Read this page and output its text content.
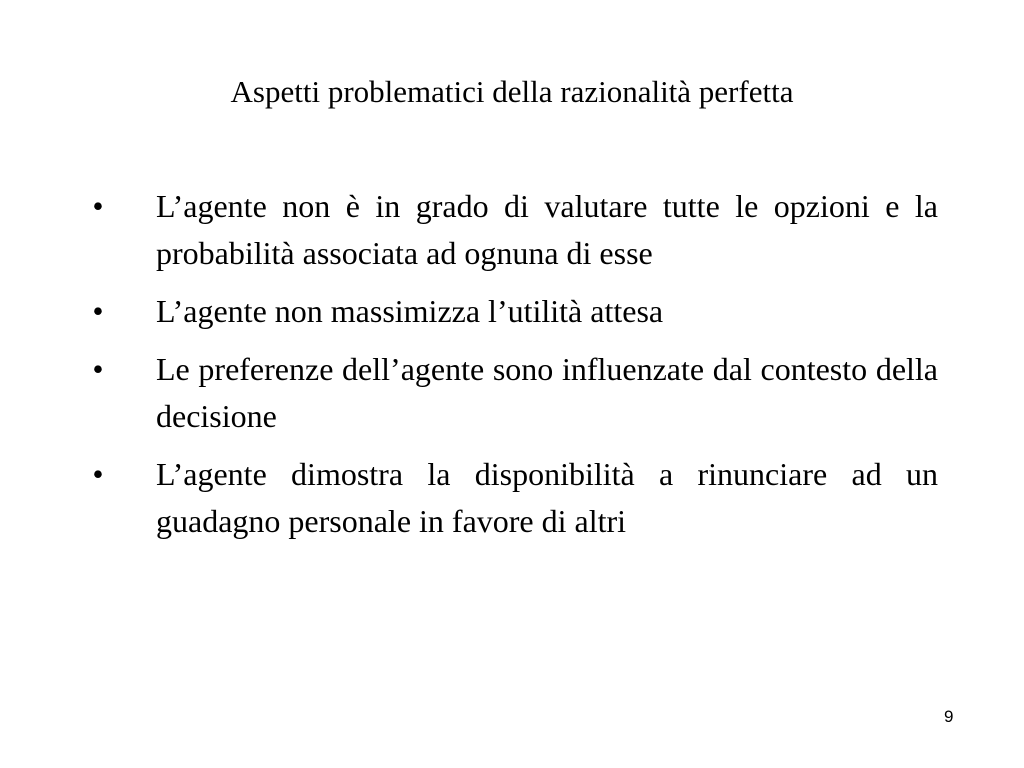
Aspetti problematici della razionalità perfetta
• L’agente non è in grado di valutare tutte le opzioni e la probabilità associata ad ognuna di esse
• L’agente non massimizza l’utilità attesa
• Le preferenze dell’agente sono influenzate dal contesto della decisione
• L’agente dimostra la disponibilità a rinunciare ad un guadagno personale in favore di altri
9
